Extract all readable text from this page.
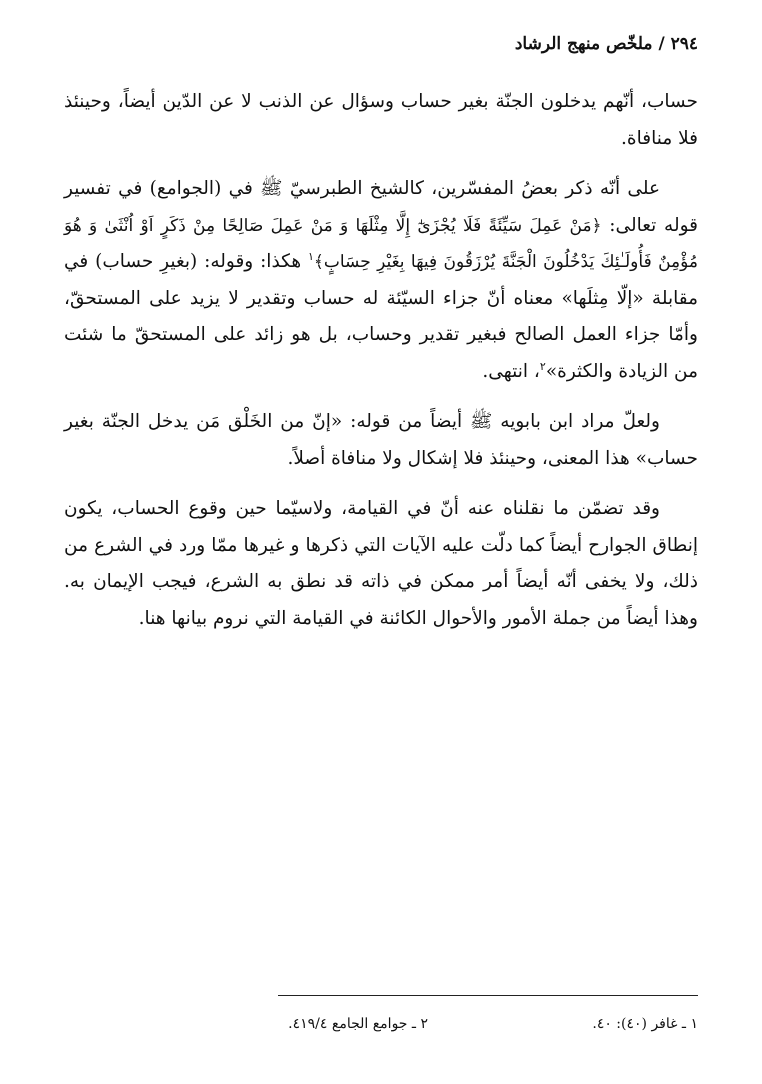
٢٩٤ / ملخّص منهج الرشاد

حساب، أنّهم يدخلون الجنّة بغير حساب وسؤال عن الذنب لا عن الدّين أيضاً، وحينئذ فلا منافاة.

على أنّه ذكر بعضُ المفسّرين، كالشيخ الطبرسيّ ﷺ في (الجوامع) في تفسير قوله تعالى: ﴿مَنْ عَمِلَ سَيِّئَةً فَلَا يُجْزَىٰٓ إِلَّا مِثْلَهَا وَ مَنْ عَمِلَ صَالِحًا مِنْ ذَكَرٍ اَوْ اُنْثَىٰ وَ هُوَ مُؤْمِنٌ فَأُولَـٰئِكَ يَدْخُلُونَ الْجَنَّةَ يُرْزَقُونَ فِيهَا بِغَيْرِ حِسَابٍ﴾$^١$ هكذا: وقوله: (بغيرِ حساب) في مقابلة «إلّا مِثلَها» معناه أنّ جزاء السيّئة له حساب وتقدير لا يزيد على المستحقّ، وأمّا جزاء العمل الصالح فبغير تقدير وحساب، بل هو زائد على المستحقّ ما شئت من الزيادة والكثرة»$^٢$، انتهى.

ولعلّ مراد ابن بابويه ﷺ أيضاً من قوله: «إنّ من الخَلْق مَن يدخل الجنّة بغير حساب» هذا المعنى، وحينئذ فلا إشكال ولا منافاة أصلاً.

وقد تضمّن ما نقلناه عنه أنّ في القيامة، ولاسيّما حين وقوع الحساب، يكون إنطاق الجوارح أيضاً كما دلّت عليه الآيات التي ذكرها و غيرها ممّا ورد في الشرع من ذلك، ولا يخفى أنّه أيضاً أمر ممكن في ذاته قد نطق به الشرع، فيجب الإيمان به. وهذا أيضاً من جملة الأمور والأحوال الكائنة في القيامة التي نروم بيانها هنا.

١ ـ غافر (٤٠): ٤٠.
٢ ـ جوامع الجامع ٤١٩/٤.
